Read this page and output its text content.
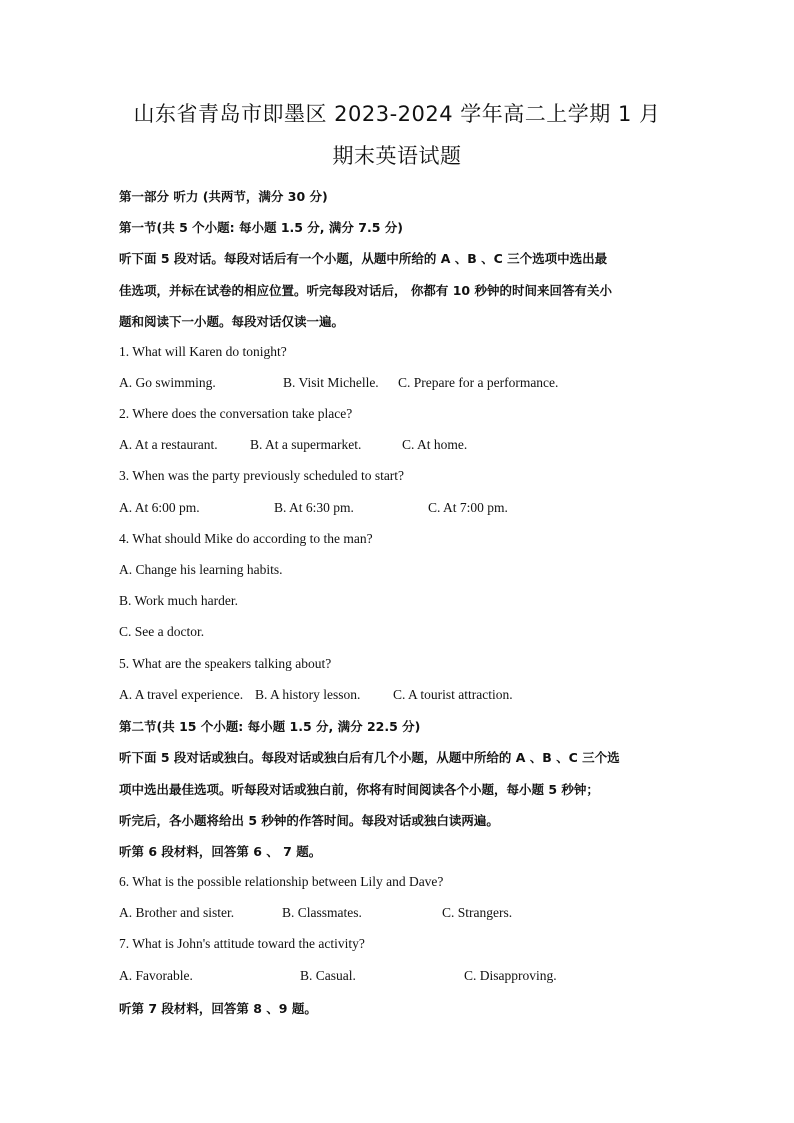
山东省青岛市即墨区 2023-2024 学年高二上学期 1 月
期末英语试题
第一部分 听力 (共两节，满分 30 分)
第一节(共 5 个小题: 每小题 1.5 分, 满分 7.5 分)
听下面 5 段对话。每段对话后有一个小题，从题中所给的 A 、B 、C 三个选项中选出最
佳选项，并标在试卷的相应位置。听完每段对话后， 你都有 10 秒钟的时间来回答有关小
题和阅读下一小题。每段对话仅读一遍。
1. What will Karen do tonight?
A. Go swimming.	B. Visit Michelle. C. Prepare for a performance.
2. Where does the conversation take place?
A. At a restaurant. B. At a supermarket.	C. At home.
3. When was the party previously scheduled to start?
A. At 6:00 pm.	B. At 6:30 pm.	C. At 7:00 pm.
4. What should Mike do according to the man?
A. Change his learning habits.
B. Work much harder.
C. See a doctor.
5. What are the speakers talking about?
A. A travel experience. B. A history lesson. C. A tourist attraction.
第二节(共 15 个小题: 每小题 1.5 分, 满分 22.5 分)
听下面 5 段对话或独白。每段对话或独白后有几个小题，从题中所给的 A 、B 、C 三个选
项中选出最佳选项。听每段对话或独白前，你将有时间阅读各个小题，每小题 5 秒钟；
听完后，各小题将给出 5 秒钟的作答时间。每段对话或独白读两遍。
听第 6 段材料，回答第 6 、 7 题。
6. What is the possible relationship between Lily and Dave?
A. Brother and sister.	B. Classmates.	C. Strangers.
7. What is John's attitude toward the activity?
A. Favorable.	B. Casual.	C. Disapproving.
听第 7 段材料，回答第 8 、9 题。
